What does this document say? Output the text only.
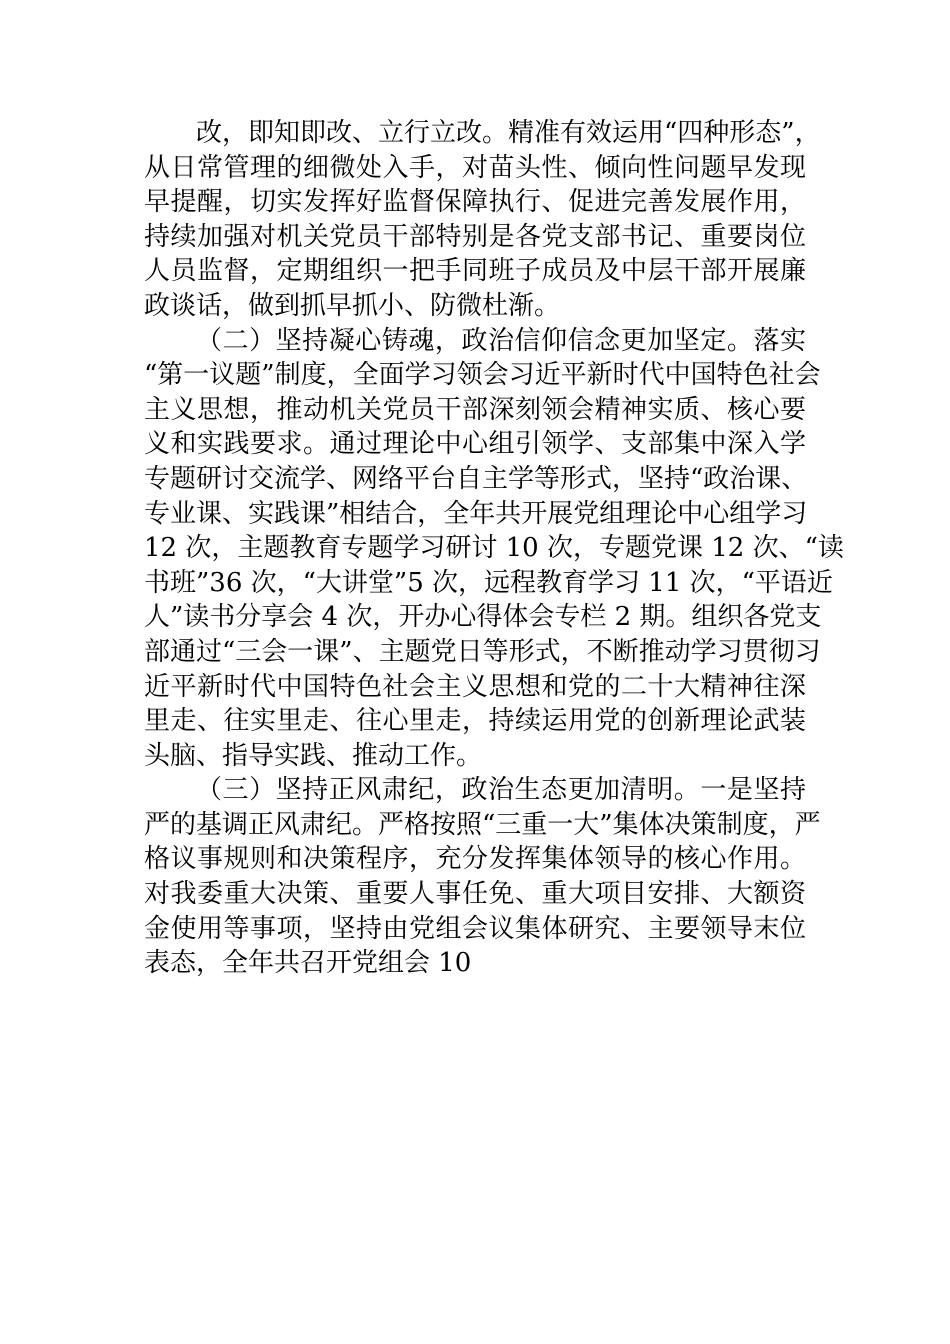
改，即知即改、立行立改。精准有效运用“四种形态”，
从日常管理的细微处入手，对苗头性、倾向性问题早发现
早提醒，切实发挥好监督保障执行、促进完善发展作用，
持续加强对机关党员干部特别是各党支部书记、重要岗位
人员监督，定期组织一把手同班子成员及中层干部开展廉
政谈话，做到抓早抓小、防微杜渐。
（二）坚持凝心铸魂，政治信仰信念更加坚定。落实
“第一议题”制度，全面学习领会习近平新时代中国特色社会
主义思想，推动机关党员干部深刻领会精神实质、核心要
义和实践要求。通过理论中心组引领学、支部集中深入学
专题研讨交流学、网络平台自主学等形式，坚持“政治课、
专业课、实践课”相结合，全年共开展党组理论中心组学习
12 次，主题教育专题学习研讨 10 次，专题党课 12 次、“读
书班”36 次，“大讲堂”5 次，远程教育学习 11 次，“平语近
人”读书分享会 4 次，开办心得体会专栏 2 期。组织各党支
部通过“三会一课”、主题党日等形式，不断推动学习贯彻习
近平新时代中国特色社会主义思想和党的二十大精神往深
里走、往实里走、往心里走，持续运用党的创新理论武装
头脑、指导实践、推动工作。
（三）坚持正风肃纪，政治生态更加清明。一是坚持
严的基调正风肃纪。严格按照“三重一大”集体决策制度，严
格议事规则和决策程序，充分发挥集体领导的核心作用。
对我委重大决策、重要人事任免、重大项目安排、大额资
金使用等事项，坚持由党组会议集体研究、主要领导末位
表态，全年共召开党组会 10
